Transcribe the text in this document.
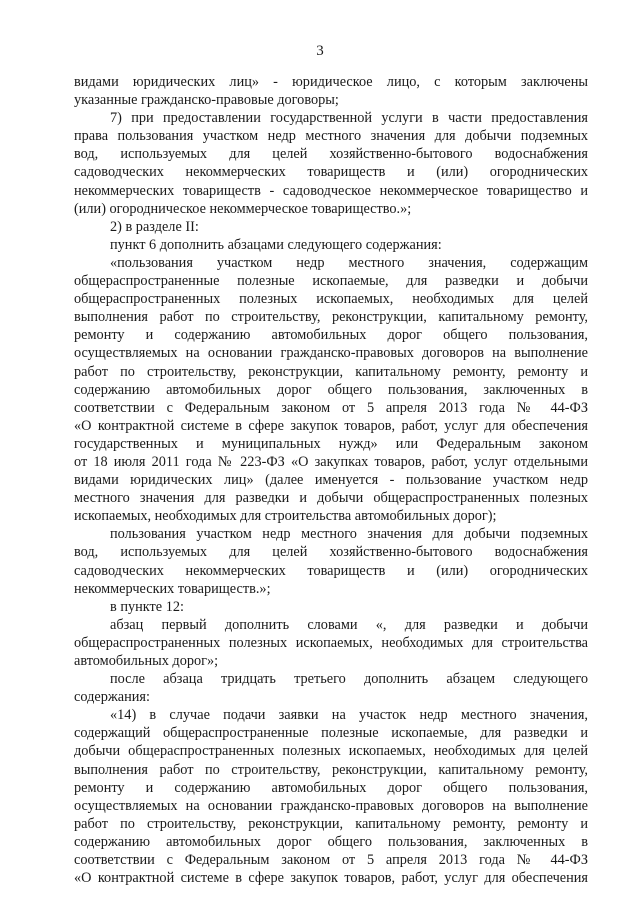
3
видами юридических лиц» - юридическое лицо, с которым заключены
указанные гражданско-правовые договоры;
7) при предоставлении государственной услуги в части предоставления
права пользования участком недр местного значения для добычи подземных
вод, используемых для целей хозяйственно-бытового водоснабжения
садоводческих некоммерческих товариществ и (или) огороднических
некоммерческих товариществ - садоводческое некоммерческое товарищество и
(или) огородническое некоммерческое товарищество.»;
2) в разделе II:
пункт 6 дополнить абзацами следующего содержания:
«пользования участком недр местного значения, содержащим
общераспространенные полезные ископаемые, для разведки и добычи
общераспространенных полезных ископаемых, необходимых для целей
выполнения работ по строительству, реконструкции, капитальному ремонту,
ремонту и содержанию автомобильных дорог общего пользования,
осуществляемых на основании гражданско-правовых договоров на выполнение
работ по строительству, реконструкции, капитальному ремонту, ремонту и
содержанию автомобильных дорог общего пользования, заключенных в
соответствии с Федеральным законом от 5 апреля 2013 года № 44-ФЗ
«О контрактной системе в сфере закупок товаров, работ, услуг для обеспечения
государственных и муниципальных нужд» или Федеральным законом
от 18 июля 2011 года № 223-ФЗ «О закупках товаров, работ, услуг отдельными
видами юридических лиц» (далее именуется - пользование участком недр
местного значения для разведки и добычи общераспространенных полезных
ископаемых, необходимых для строительства автомобильных дорог);
пользования участком недр местного значения для добычи подземных
вод, используемых для целей хозяйственно-бытового водоснабжения
садоводческих некоммерческих товариществ и (или) огороднических
некоммерческих товариществ.»;
в пункте 12:
абзац первый дополнить словами «, для разведки и добычи
общераспространенных полезных ископаемых, необходимых для строительства
автомобильных дорог»;
после абзаца тридцать третьего дополнить абзацем следующего
содержания:
«14) в случае подачи заявки на участок недр местного значения,
содержащий общераспространенные полезные ископаемые, для разведки и
добычи общераспространенных полезных ископаемых, необходимых для целей
выполнения работ по строительству, реконструкции, капитальному ремонту,
ремонту и содержанию автомобильных дорог общего пользования,
осуществляемых на основании гражданско-правовых договоров на выполнение
работ по строительству, реконструкции, капитальному ремонту, ремонту и
содержанию автомобильных дорог общего пользования, заключенных в
соответствии с Федеральным законом от 5 апреля 2013 года № 44-ФЗ
«О контрактной системе в сфере закупок товаров, работ, услуг для обеспечения
